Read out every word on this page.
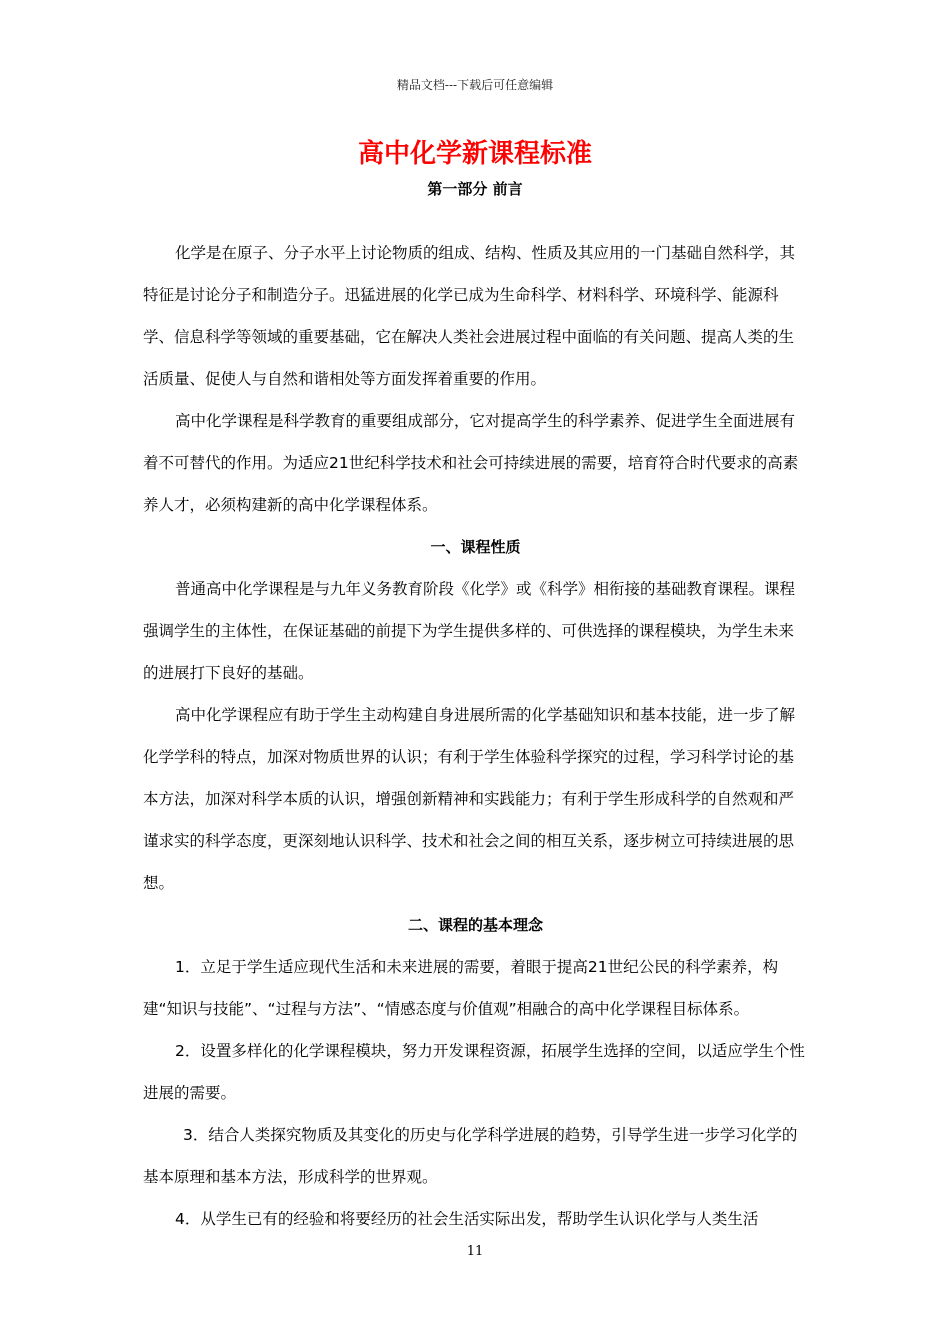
精品文档---下载后可任意编辑
高中化学新课程标准
第一部分 前言

化学是在原子、分子水平上讨论物质的组成、结构、性质及其应用的一门基础自然科学，其特征是讨论分子和制造分子。迅猛进展的化学已成为生命科学、材料科学、环境科学、能源科学、信息科学等领域的重要基础，它在解决人类社会进展过程中面临的有关问题、提高人类的生活质量、促使人与自然和谐相处等方面发挥着重要的作用。

高中化学课程是科学教育的重要组成部分，它对提高学生的科学素养、促进学生全面进展有着不可替代的作用。为适应21世纪科学技术和社会可持续进展的需要，培育符合时代要求的高素养人才，必须构建新的高中化学课程体系。

一、课程性质

普通高中化学课程是与九年义务教育阶段《化学》或《科学》相衔接的基础教育课程。课程强调学生的主体性，在保证基础的前提下为学生提供多样的、可供选择的课程模块，为学生未来的进展打下良好的基础。

高中化学课程应有助于学生主动构建自身进展所需的化学基础知识和基本技能，进一步了解化学学科的特点，加深对物质世界的认识；有利于学生体验科学探究的过程，学习科学讨论的基本方法，加深对科学本质的认识，增强创新精神和实践能力；有利于学生形成科学的自然观和严谨求实的科学态度，更深刻地认识科学、技术和社会之间的相互关系，逐步树立可持续进展的思想。

二、课程的基本理念

1．立足于学生适应现代生活和未来进展的需要，着眼于提高21世纪公民的科学素养，构建“知识与技能”、“过程与方法”、“情感态度与价值观”相融合的高中化学课程目标体系。

2．设置多样化的化学课程模块，努力开发课程资源，拓展学生选择的空间，以适应学生个性进展的需要。

3．结合人类探究物质及其变化的历史与化学科学进展的趋势，引导学生进一步学习化学的基本原理和基本方法，形成科学的世界观。

4．从学生已有的经验和将要经历的社会生活实际出发，帮助学生认识化学与人类生活

11
